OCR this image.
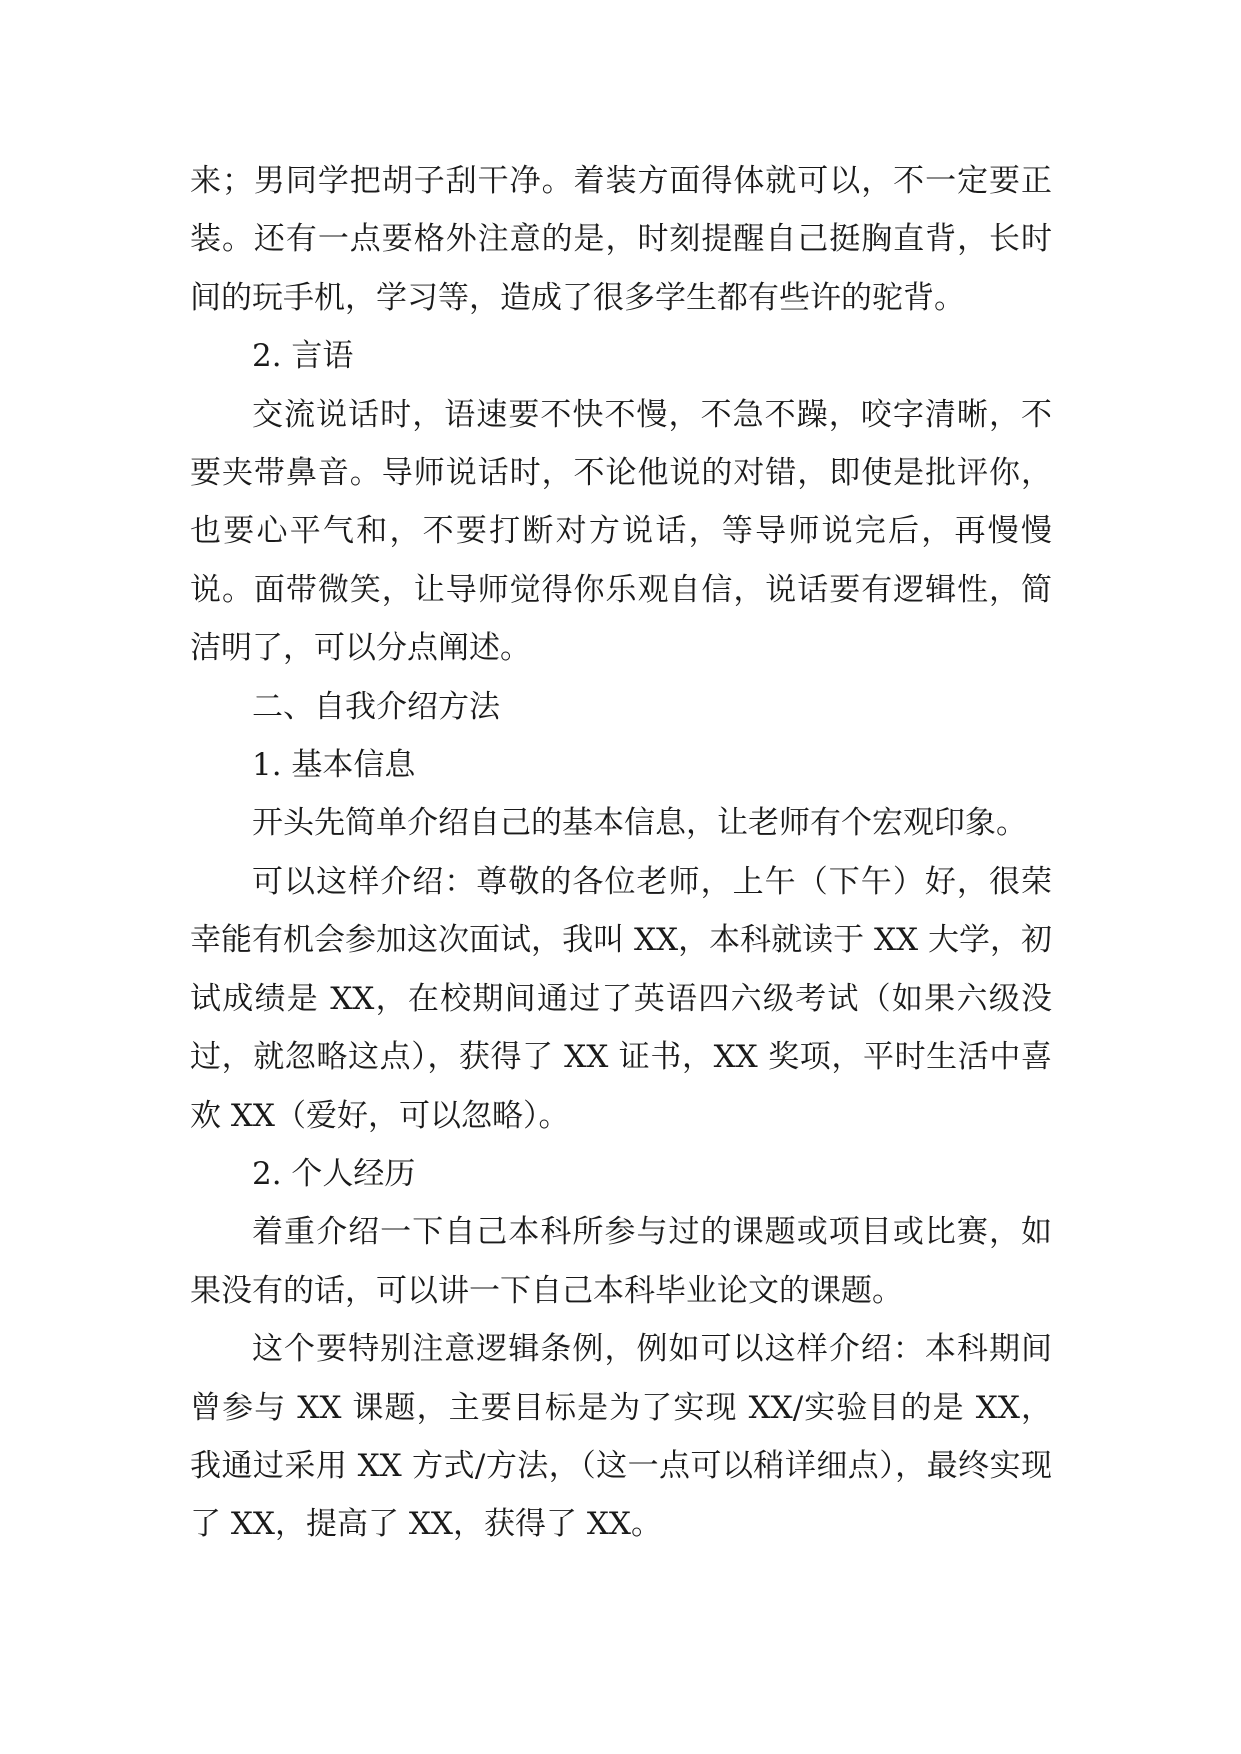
来；男同学把胡子刮干净。着装方面得体就可以，不一定要正装。还有一点要格外注意的是，时刻提醒自己挺胸直背，长时间的玩手机，学习等，造成了很多学生都有些许的驼背。

2. 言语

交流说话时，语速要不快不慢，不急不躁，咬字清晰，不要夹带鼻音。导师说话时，不论他说的对错，即使是批评你，也要心平气和，不要打断对方说话，等导师说完后，再慢慢说。面带微笑，让导师觉得你乐观自信，说话要有逻辑性，简洁明了，可以分点阐述。

二、自我介绍方法

1. 基本信息

开头先简单介绍自己的基本信息，让老师有个宏观印象。

可以这样介绍：尊敬的各位老师，上午（下午）好，很荣幸能有机会参加这次面试，我叫 XX，本科就读于 XX 大学，初试成绩是 XX，在校期间通过了英语四六级考试（如果六级没过，就忽略这点），获得了 XX 证书，XX 奖项，平时生活中喜欢 XX（爱好，可以忽略）。

2. 个人经历

着重介绍一下自己本科所参与过的课题或项目或比赛，如果没有的话，可以讲一下自己本科毕业论文的课题。

这个要特别注意逻辑条例，例如可以这样介绍：本科期间曾参与 XX 课题，主要目标是为了实现 XX/实验目的是 XX，我通过采用 XX 方式/方法，（这一点可以稍详细点），最终实现了 XX，提高了 XX，获得了 XX。
